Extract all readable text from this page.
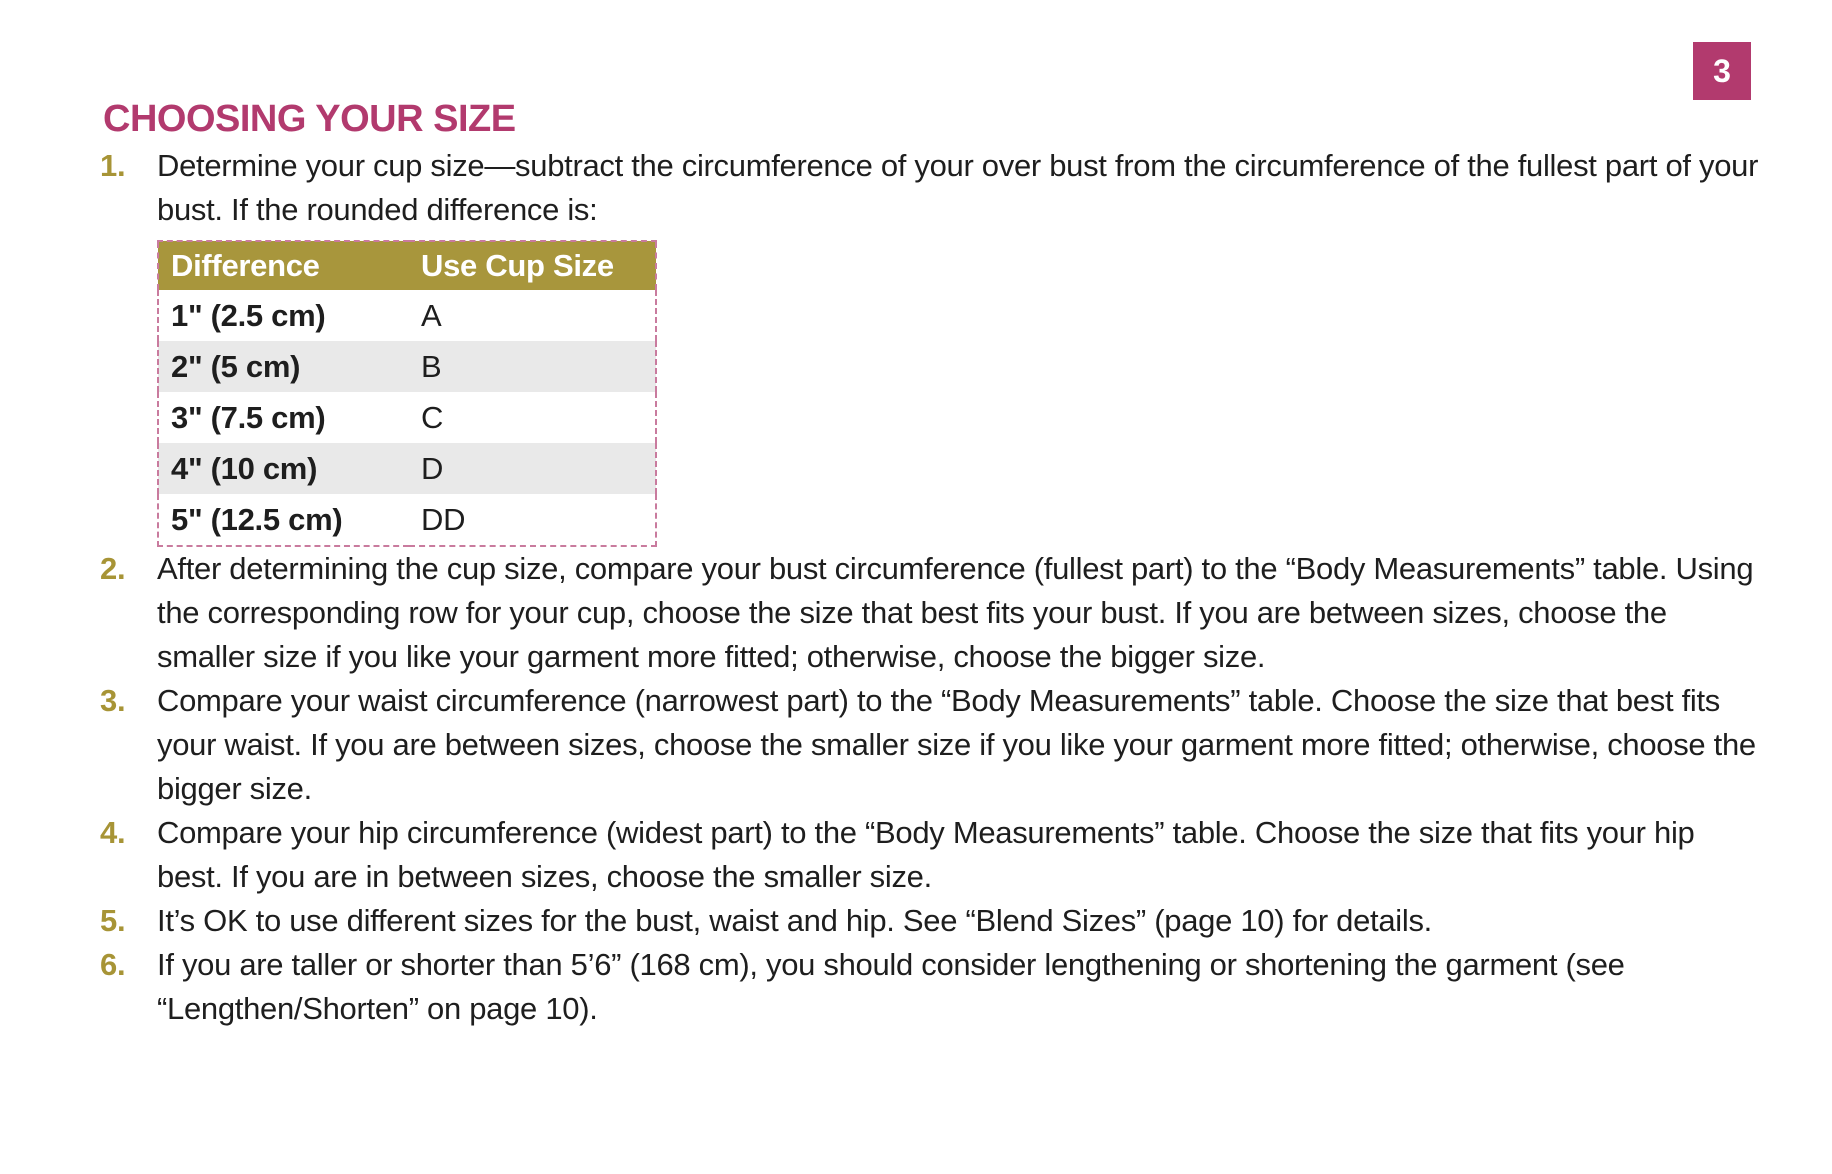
3
CHOOSING YOUR SIZE
1.	Determine your cup size—subtract the circumference of your over bust from the circumference of the fullest part of your bust. If the rounded difference is:
Difference	Use Cup Size
1" (2.5 cm)	A
2" (5 cm)	B
3" (7.5 cm)	C
4" (10 cm)	D
5" (12.5 cm)	DD
2.	After determining the cup size, compare your bust circumference (fullest part) to the “Body Measurements” table. Using the corresponding row for your cup, choose the size that best fits your bust. If you are between sizes, choose the smaller size if you like your garment more fitted; otherwise, choose the bigger size.
3.	Compare your waist circumference (narrowest part) to the “Body Measurements” table. Choose the size that best fits your waist. If you are between sizes, choose the smaller size if you like your garment more fitted; otherwise, choose the bigger size.
4.	Compare your hip circumference (widest part) to the “Body Measurements” table. Choose the size that fits your hip best. If you are in between sizes, choose the smaller size.
5.	It’s OK to use different sizes for the bust, waist and hip. See “Blend Sizes” (page 10) for details.
6.	If you are taller or shorter than 5’6” (168 cm), you should consider lengthening or shortening the garment (see “Lengthen/Shorten” on page 10).
